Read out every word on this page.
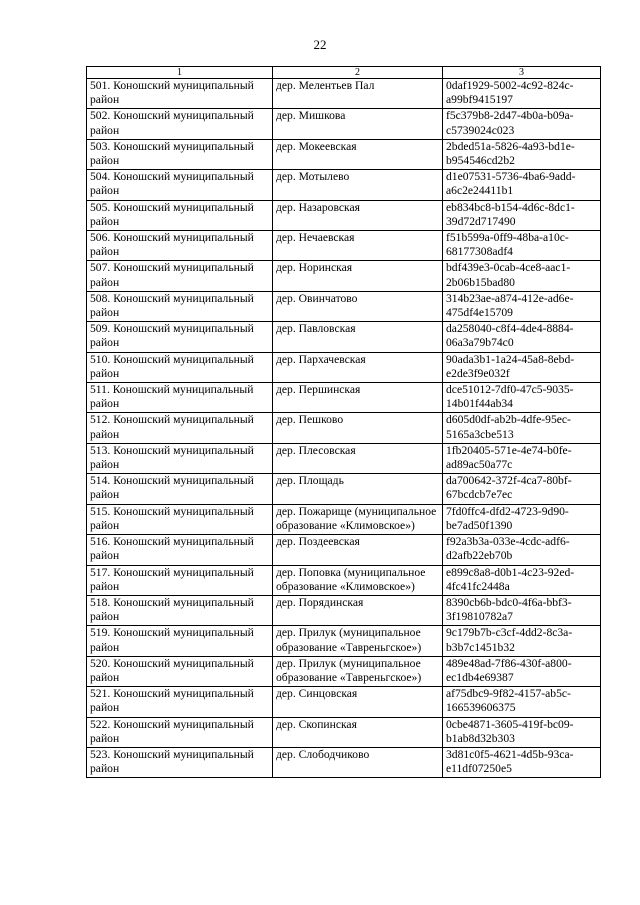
22
1	2	3
501. Коношский муниципальный район	дер. Мелентьев Пал	0daf1929-5002-4c92-824c- a99bf9415197
502. Коношский муниципальный район	дер. Мишкова	f5c379b8-2d47-4b0a-b09a- c5739024c023
503. Коношский муниципальный район	дер. Мокеевская	2bded51a-5826-4a93-bd1e- b954546cd2b2
504. Коношский муниципальный район	дер. Мотылево	d1e07531-5736-4ba6-9add- a6c2e24411b1
505. Коношский муниципальный район	дер. Назаровская	eb834bc8-b154-4d6c-8dc1- 39d72d717490
506. Коношский муниципальный район	дер. Нечаевская	f51b599a-0ff9-48ba-a10c- 68177308adf4
507. Коношский муниципальный район	дер. Норинская	bdf439e3-0cab-4ce8-aac1- 2b06b15bad80
508. Коношский муниципальный район	дер. Овинчатово	314b23ae-a874-412e-ad6e- 475df4e15709
509. Коношский муниципальный район	дер. Павловская	da258040-c8f4-4de4-8884- 06a3a79b74c0
510. Коношский муниципальный район	дер. Пархачевская	90ada3b1-1a24-45a8-8ebd- e2de3f9e032f
511. Коношский муниципальный район	дер. Першинская	dce51012-7df0-47c5-9035- 14b01f44ab34
512. Коношский муниципальный район	дер. Пешково	d605d0df-ab2b-4dfe-95ec- 5165a3cbe513
513. Коношский муниципальный район	дер. Плесовская	1fb20405-571e-4e74-b0fe- ad89ac50a77c
514. Коношский муниципальный район	дер. Площадь	da700642-372f-4ca7-80bf- 67bcdcb7e7ec
515. Коношский муниципальный район	дер. Пожарище (муниципальное образование «Климовское»)	7fd0ffc4-dfd2-4723-9d90- be7ad50f1390
516. Коношский муниципальный район	дер. Поздеевская	f92a3b3a-033e-4cdc-adf6- d2afb22eb70b
517. Коношский муниципальный район	дер. Поповка (муниципальное образование «Климовское»)	e899c8a8-d0b1-4c23-92ed- 4fc41fc2448a
518. Коношский муниципальный район	дер. Порядинская	8390cb6b-bdc0-4f6a-bbf3- 3f19810782a7
519. Коношский муниципальный район	дер. Прилук (муниципальное образование «Тавреньгское»)	9c179b7b-c3cf-4dd2-8c3a- b3b7c1451b32
520. Коношский муниципальный район	дер. Прилук (муниципальное образование «Тавреньгское»)	489e48ad-7f86-430f-a800- ec1db4e69387
521. Коношский муниципальный район	дер. Синцовская	af75dbc9-9f82-4157-ab5c- 166539606375
522. Коношский муниципальный район	дер. Скопинская	0cbe4871-3605-419f-bc09- b1ab8d32b303
523. Коношский муниципальный район	дер. Слободчиково	3d81c0f5-4621-4d5b-93ca- e11df07250e5
